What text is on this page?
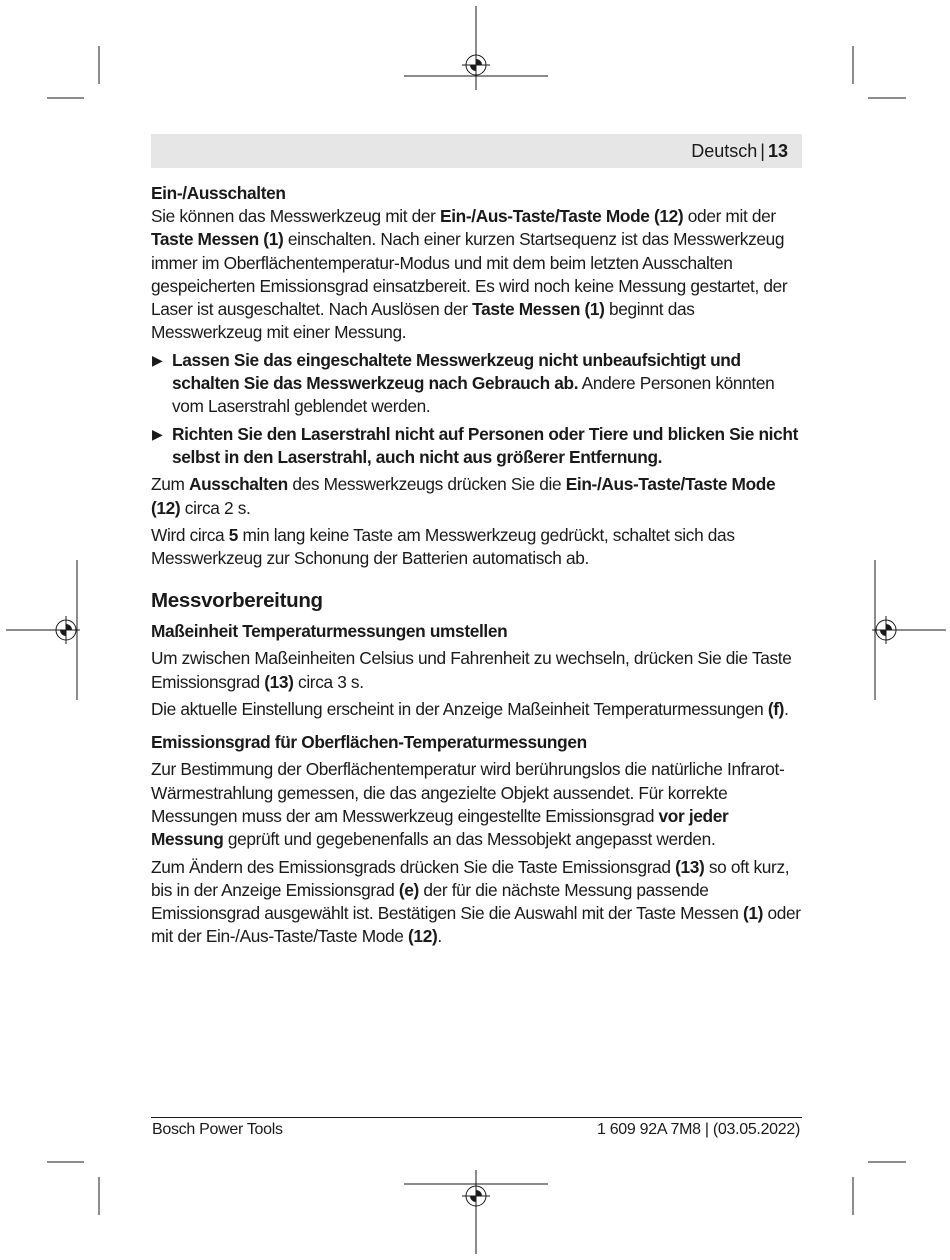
Deutsch | 13

Ein-/Ausschalten

Sie können das Messwerkzeug mit der Ein-/Aus-Taste/Taste Mode (12) oder mit der Taste Messen (1) einschalten. Nach einer kurzen Startsequenz ist das Messwerkzeug immer im Oberflächentemperatur-Modus und mit dem beim letzten Ausschalten gespeicherten Emissionsgrad einsatzbereit. Es wird noch keine Messung gestartet, der Laser ist ausgeschaltet. Nach Auslösen der Taste Messen (1) beginnt das Messwerkzeug mit einer Messung.

▶ Lassen Sie das eingeschaltete Messwerkzeug nicht unbeaufsichtigt und schalten Sie das Messwerkzeug nach Gebrauch ab. Andere Personen könnten vom Laserstrahl geblendet werden.

▶ Richten Sie den Laserstrahl nicht auf Personen oder Tiere und blicken Sie nicht selbst in den Laserstrahl, auch nicht aus größerer Entfernung.

Zum Ausschalten des Messwerkzeugs drücken Sie die Ein-/Aus-Taste/Taste Mode (12) circa 2 s.

Wird circa 5 min lang keine Taste am Messwerkzeug gedrückt, schaltet sich das Messwerkzeug zur Schonung der Batterien automatisch ab.

Messvorbereitung

Maßeinheit Temperaturmessungen umstellen

Um zwischen Maßeinheiten Celsius und Fahrenheit zu wechseln, drücken Sie die Taste Emissionsgrad (13) circa 3 s.

Die aktuelle Einstellung erscheint in der Anzeige Maßeinheit Temperaturmessungen (f).

Emissionsgrad für Oberflächen-Temperaturmessungen

Zur Bestimmung der Oberflächentemperatur wird berührungslos die natürliche Infrarot-Wärmestrahlung gemessen, die das angezielte Objekt aussendet. Für korrekte Messungen muss der am Messwerkzeug eingestellte Emissionsgrad vor jeder Messung geprüft und gegebenenfalls an das Messobjekt angepasst werden.

Zum Ändern des Emissionsgrads drücken Sie die Taste Emissionsgrad (13) so oft kurz, bis in der Anzeige Emissionsgrad (e) der für die nächste Messung passende Emissionsgrad ausgewählt ist. Bestätigen Sie die Auswahl mit der Taste Messen (1) oder mit der Ein-/Aus-Taste/Taste Mode (12).

Bosch Power Tools	1 609 92A 7M8 | (03.05.2022)
